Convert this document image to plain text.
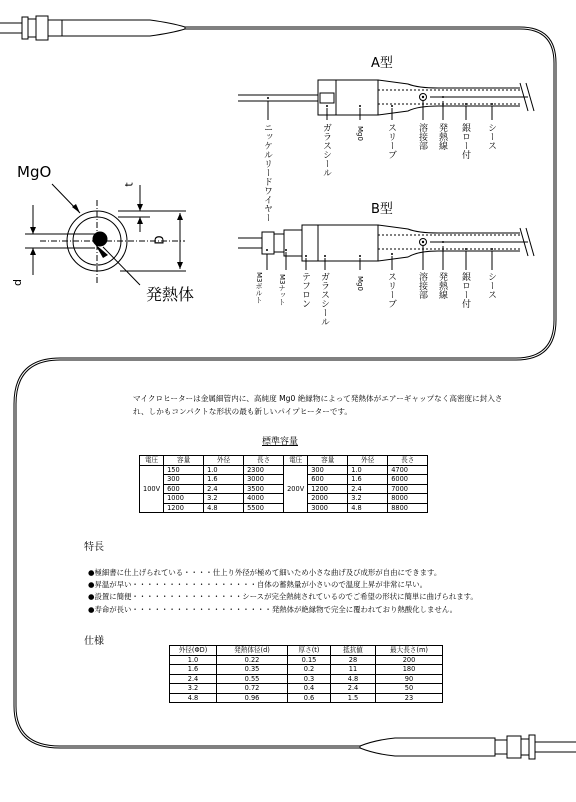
A型
B型
ニッケルリードワイヤー	ガラスシール	Mg0 スリーブ 溶接部 発熱線 銀ロー付 シース
M3ボルト M3ナット テフロン ガラスシール	Mg0 スリーブ 溶接部 発熱線 銀ロー付 シース
MgO
発熱体
t
D
d
マイクロヒーターは金属細管内に、高純度 Mg0 絶縁物によって発熱体がエアーギャップなく高密度に封入され、しかもコンパクトな形状の最も新しいパイプヒーターです。
標準容量
電圧	容量	外径	長さ	電圧	容量	外径	長さ
100V	150	1.0	2300	200V	300	1.0	4700
	300	1.6	3000		600	1.6	6000
	600	2.4	3500		1200	2.4	7000
	1000	3.2	4000		2000	3.2	8000
	1200	4.8	5500		3000	4.8	8800
特長
●極細書に仕上げられている・・・・仕上り外径が極めて細いため小さな曲げ及び成形が自由にできます。
●昇温が早い・・・・・・・・・・・・・・・・・自体の蓄熱量が小さいので温度上昇が非常に早い。
●設置に簡便・・・・・・・・・・・・・・・シースが完全熱純されているのでご希望の形状に簡単に曲げられます。
●寿命が長い・・・・・・・・・・・・・・・・・・・発熱体が絶縁物で完全に覆われており熱酸化しません。
仕様
外径(ΦD)	発熱体径(d)	厚さ(t)	抵抗値	最大長さ(m)
1.0	0.22	0.15	28	200
1.6	0.35	0.2	11	180
2.4	0.55	0.3	4.8	90
3.2	0.72	0.4	2.4	50
4.8	0.96	0.6	1.5	23
